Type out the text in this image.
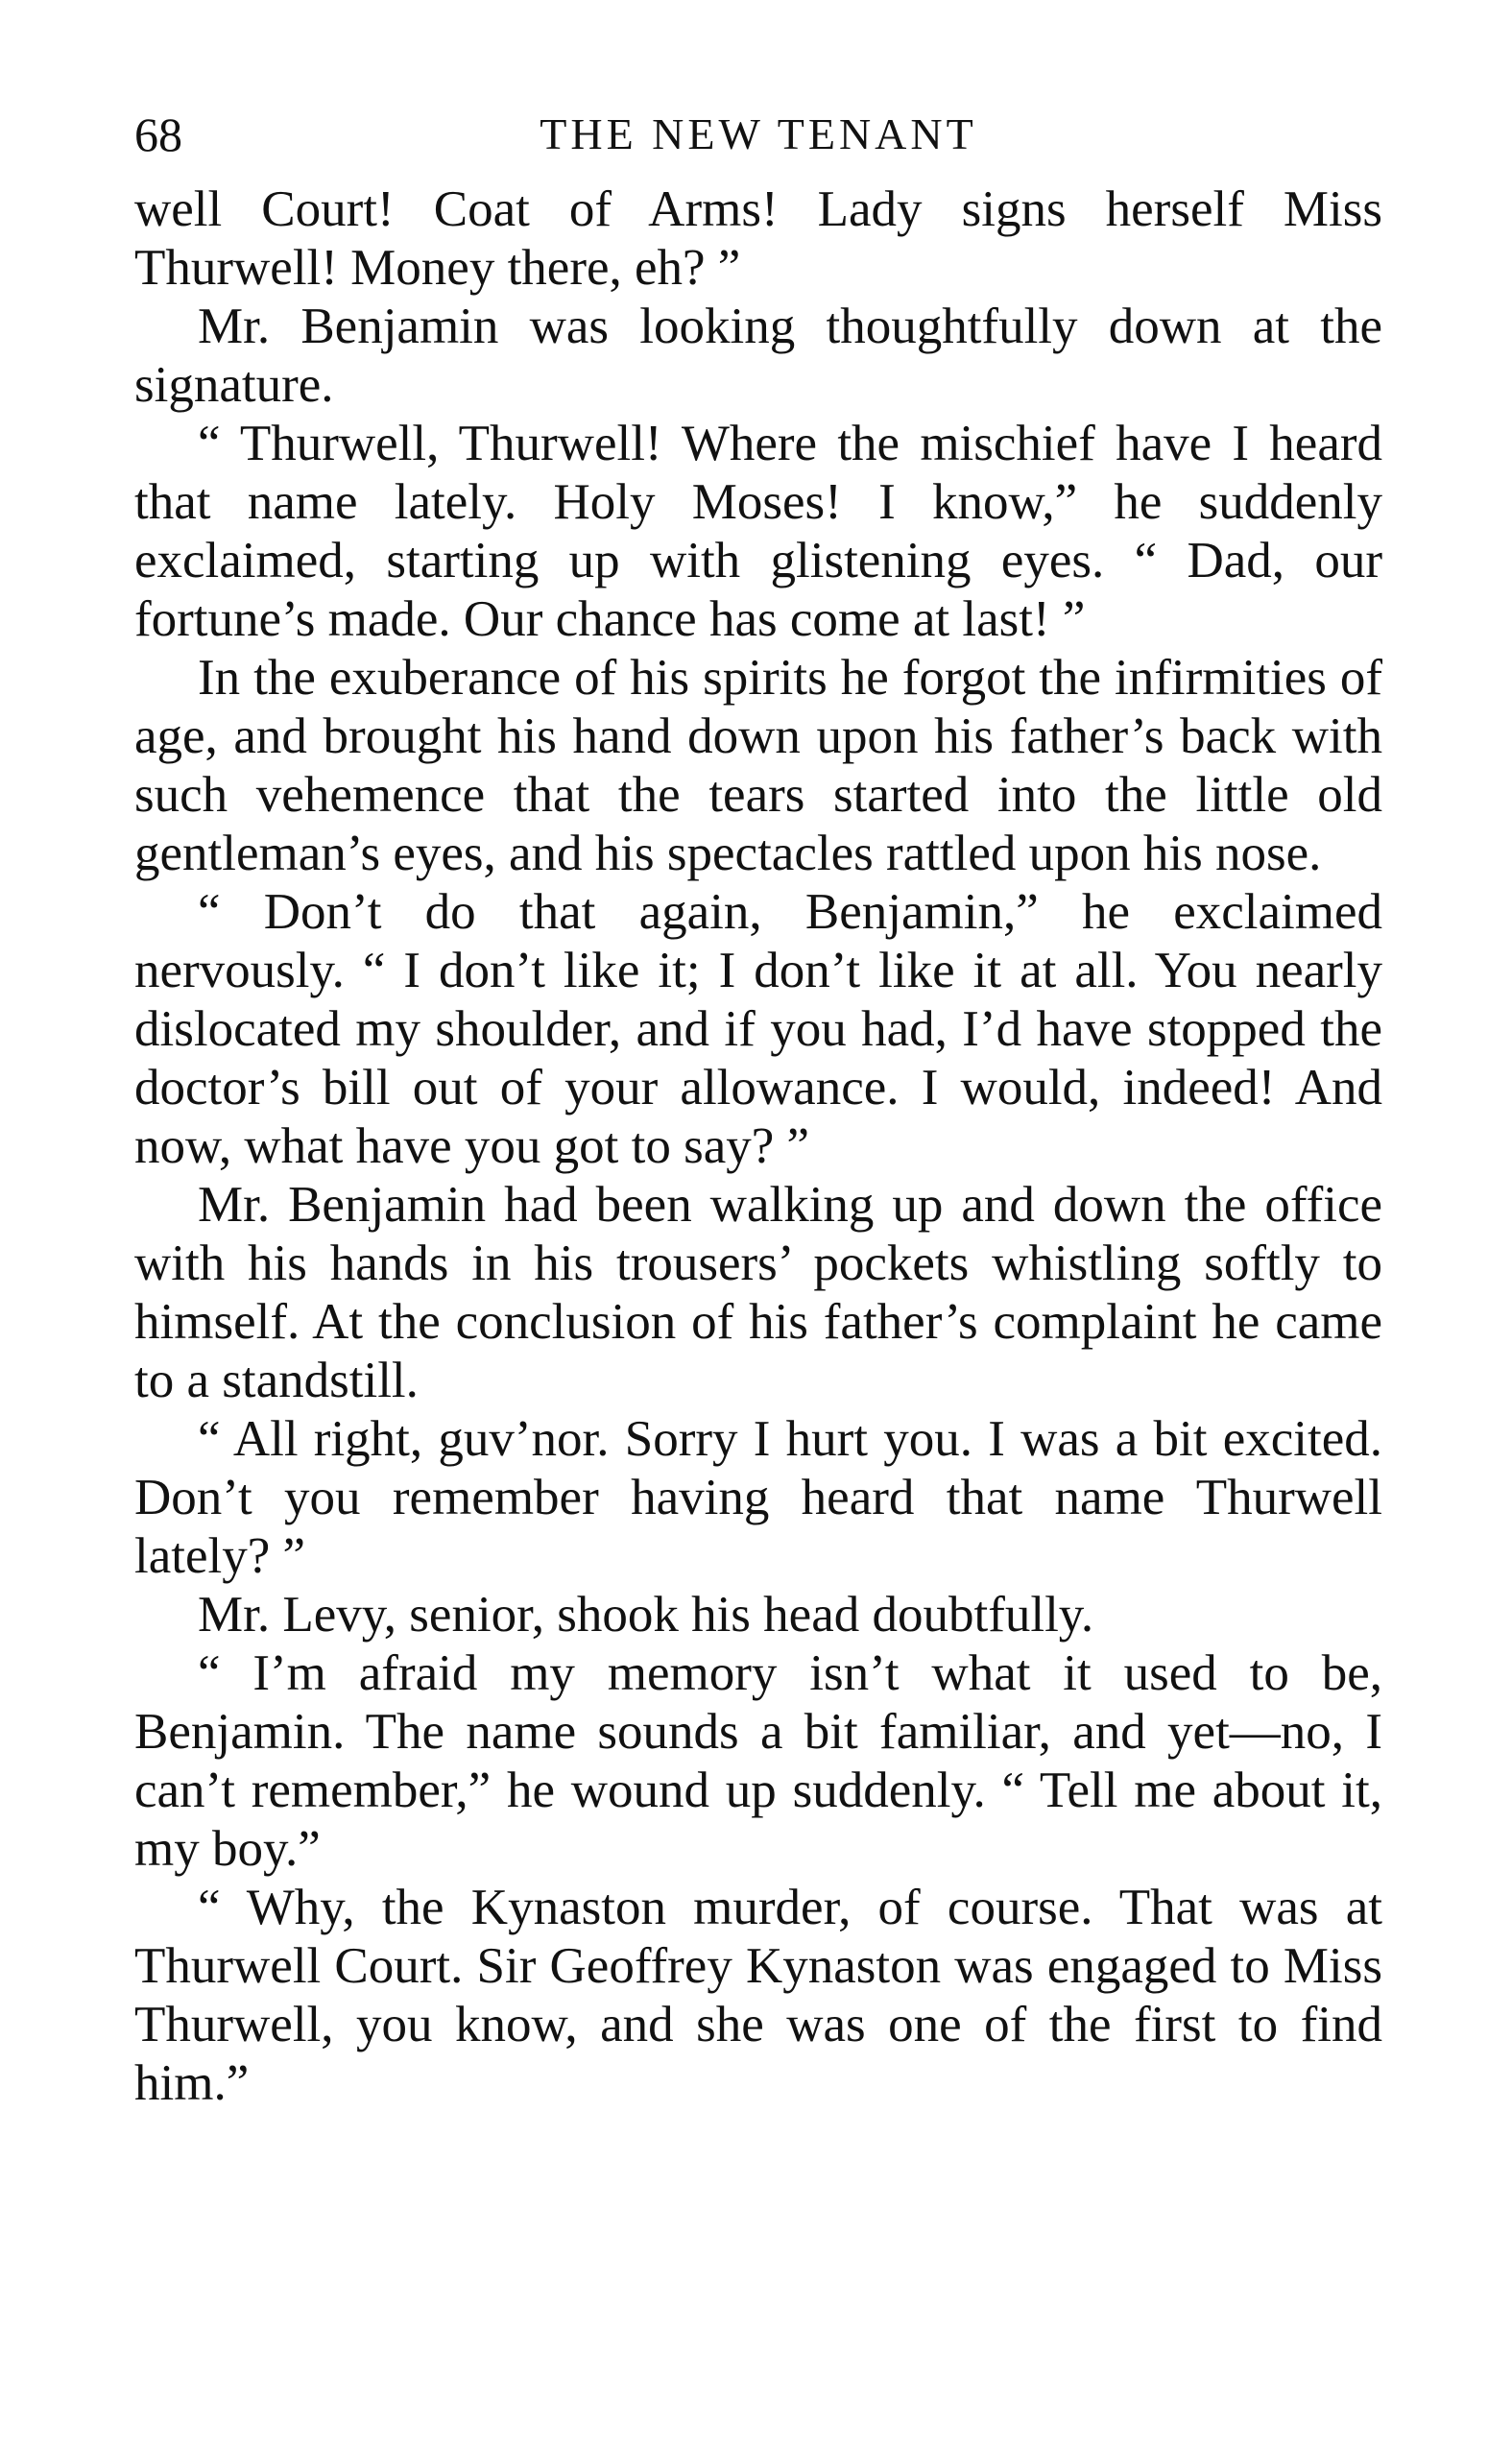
68	THE NEW TENANT

well Court! Coat of Arms! Lady signs herself Miss Thurwell! Money there, eh? ”

Mr. Benjamin was looking thoughtfully down at the signature.

“ Thurwell, Thurwell! Where the mischief have I heard that name lately. Holy Moses! I know,” he suddenly exclaimed, starting up with glistening eyes. “ Dad, our fortune’s made. Our chance has come at last! ”

In the exuberance of his spirits he forgot the infirmities of age, and brought his hand down upon his father’s back with such vehemence that the tears started into the little old gentleman’s eyes, and his spectacles rattled upon his nose.

“ Don’t do that again, Benjamin,” he exclaimed nervously. “ I don’t like it; I don’t like it at all. You nearly dislocated my shoulder, and if you had, I’d have stopped the doctor’s bill out of your allowance. I would, indeed! And now, what have you got to say? ”

Mr. Benjamin had been walking up and down the office with his hands in his trousers’ pockets whistling softly to himself. At the conclusion of his father’s complaint he came to a standstill.

“ All right, guv’nor. Sorry I hurt you. I was a bit excited. Don’t you remember having heard that name Thurwell lately? ”

Mr. Levy, senior, shook his head doubtfully.

“ I’m afraid my memory isn’t what it used to be, Benjamin. The name sounds a bit familiar, and yet—no, I can’t remember,” he wound up suddenly. “ Tell me about it, my boy.”

“ Why, the Kynaston murder, of course. That was at Thurwell Court. Sir Geoffrey Kynaston was engaged to Miss Thurwell, you know, and she was one of the first to find him.”
